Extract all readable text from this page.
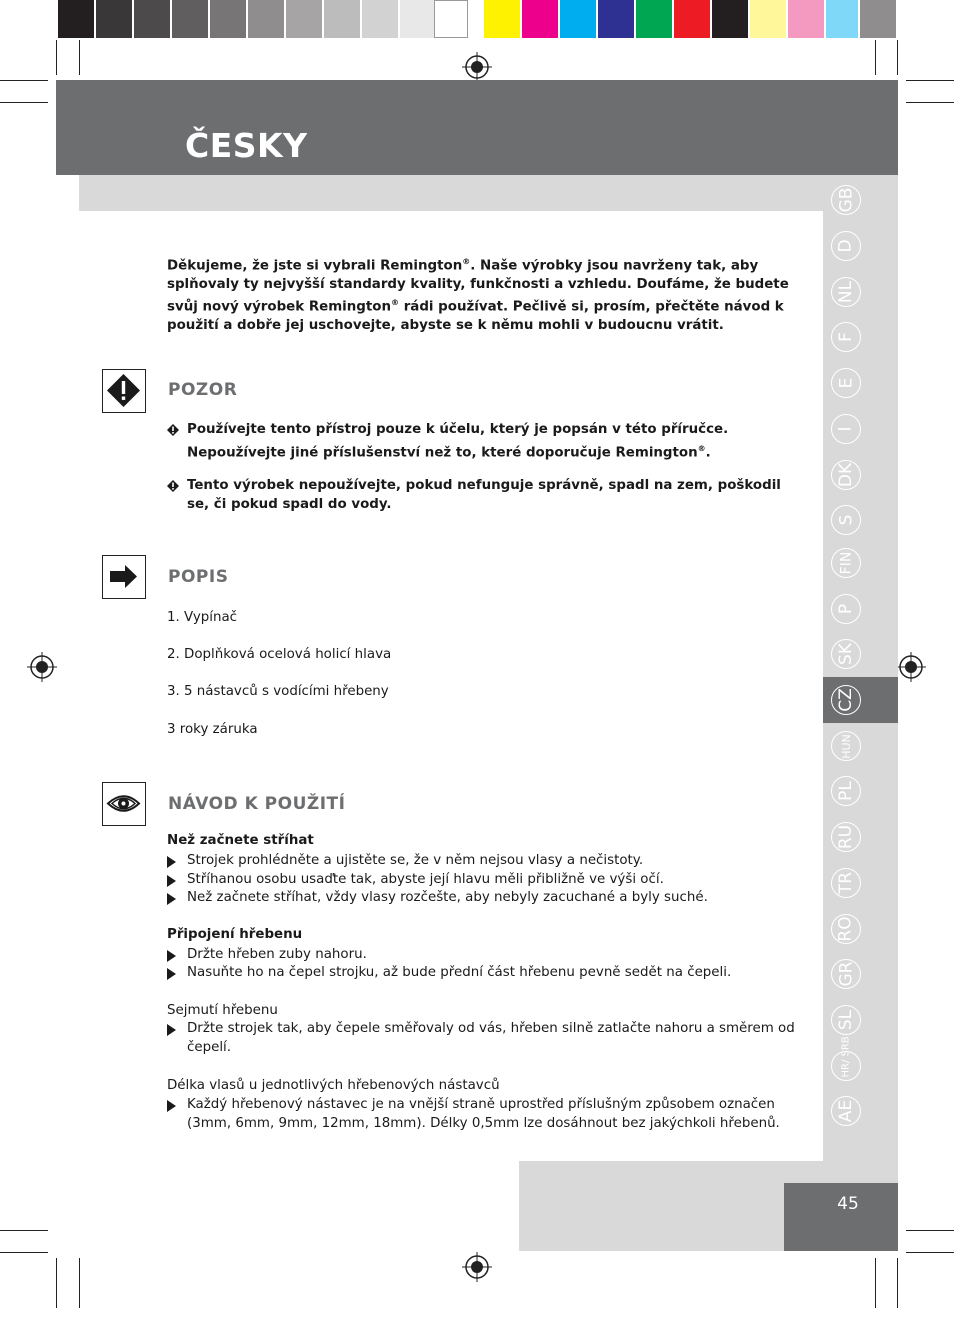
ČESKY
45
GB
D
NL
F
E
I
DK
S
FIN
P
SK
CZ
HUN
PL
RU
TR
RO
GR
SL
HR/ SRB
AE

Děkujeme, že jste si vybrali Remington®. Naše výrobky jsou navrženy tak, aby

splňovaly ty nejvyšší standardy kvality, funkčnosti a vzhledu. Doufáme, že budete

svůj nový výrobek Remington® rádi používat. Pečlivě si, prosím, přečtěte návod k

použití a dobře jej uschovejte, abyste se k němu mohli v budoucnu vrátit.

POZOR
Používejte tento přístroj pouze k účelu, který je popsán v této příručce.
Nepoužívejte jiné příslušenství než to, které doporučuje Remington®.
Tento výrobek nepoužívejte, pokud nefunguje správně, spadl na zem, poškodil se, či pokud spadl do vody.
POPIS
1. Vypínač
2. Doplňková ocelová holicí hlava
3. 5 nástavců s vodícími hřebeny
3 roky záruka
NÁVOD K POUŽITÍ
Než začnete stříhat
Strojek prohlédněte a ujistěte se, že v něm nejsou vlasy a nečistoty.
Stříhanou osobu usaďte tak, abyste její hlavu měli přibližně ve výši očí.
Než začnete stříhat, vždy vlasy rozčešte, aby nebyly zacuchané a byly suché.
Připojení hřebenu
Držte hřeben zuby nahoru.
Nasuňte ho na čepel strojku, až bude přední část hřebenu pevně sedět na čepeli.
Sejmutí hřebenu
Držte strojek tak, aby čepele směřovaly od vás, hřeben silně zatlačte nahoru a směrem od čepelí.
Délka vlasů u jednotlivých hřebenových nástavců
Každý hřebenový nástavec je na vnější straně uprostřed příslušným způsobem označen (3mm, 6mm, 9mm, 12mm, 18mm). Délky 0,5mm lze dosáhnout bez jakýchkoli hřebenů.
